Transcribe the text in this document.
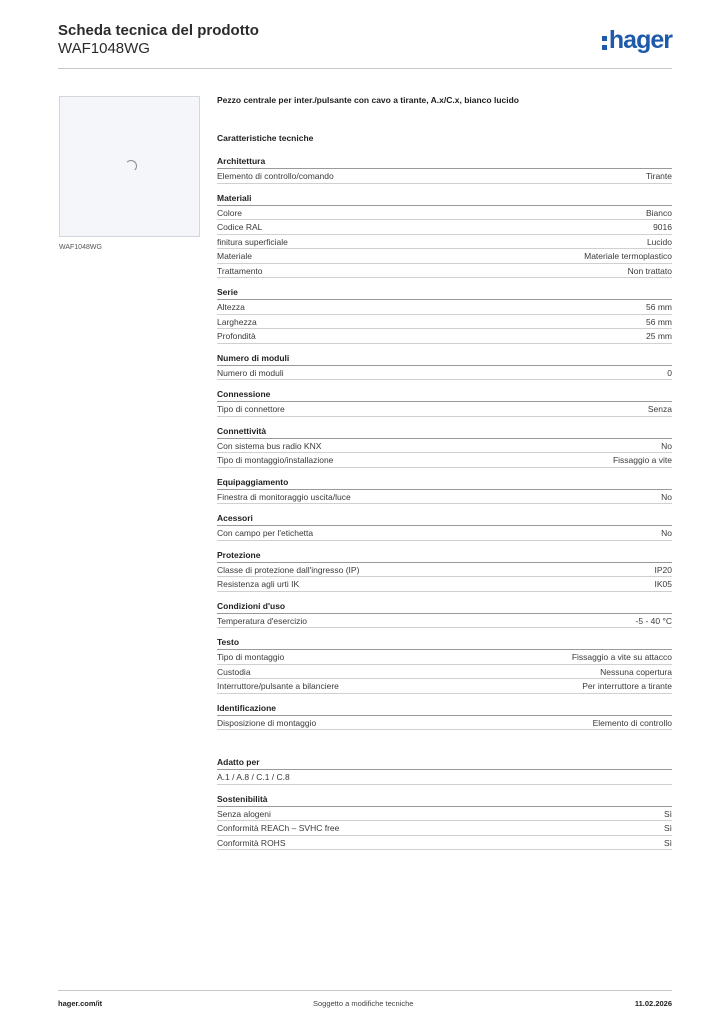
Scheda tecnica del prodotto
WAF1048WG	hager
WAF1048WG
Pezzo centrale per inter./pulsante con cavo a tirante, A.x/C.x, bianco lucido
Caratteristiche tecniche
Architettura
Elemento di controllo/comando	Tirante
Materiali
Colore	Bianco
Codice RAL	9016
finitura superficiale	Lucido
Materiale	Materiale termoplastico
Trattamento	Non trattato
Serie
Altezza	56 mm
Larghezza	56 mm
Profondità	25 mm
Numero di moduli
Numero di moduli	0
Connessione
Tipo di connettore	Senza
Connettività
Con sistema bus radio KNX	No
Tipo di montaggio/installazione	Fissaggio a vite
Equipaggiamento
Finestra di monitoraggio uscita/luce	No
Acessori
Con campo per l'etichetta	No
Protezione
Classe di protezione dall'ingresso (IP)	IP20
Resistenza agli urti IK	IK05
Condizioni d'uso
Temperatura d'esercizio	-5 - 40 °C
Testo
Tipo di montaggio	Fissaggio a vite su attacco
Custodia	Nessuna copertura
Interruttore/pulsante a bilanciere	Per interruttore a tirante
Identificazione
Disposizione di montaggio	Elemento di controllo
Adatto per
A.1 / A.8 / C.1 / C.8
Sostenibilità
Senza alogeni	Sì
Conformità REACh – SVHC free	Sì
Conformità ROHS	Sì
hager.com/it	Soggetto a modifiche tecniche	11.02.2026
